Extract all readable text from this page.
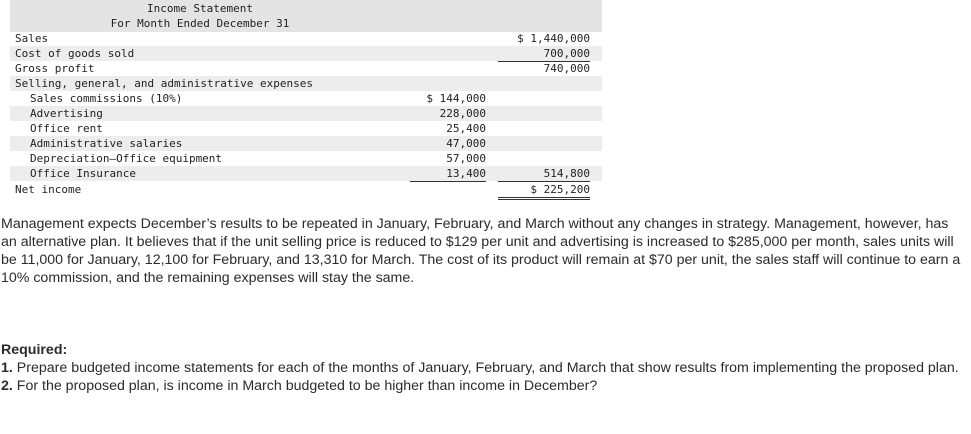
Income Statement
For Month Ended December 31
Sales	$ 1,440,000
Cost of goods sold	700,000
Gross profit	740,000
Selling, general, and administrative expenses
Sales commissions (10%)	$ 144,000
Advertising	228,000
Office rent	25,400
Administrative salaries	47,000
Depreciation—Office equipment	57,000
Office Insurance	13,400	514,800
Net income	$ 225,200

Management expects December’s results to be repeated in January, February, and March without any changes in strategy. Management, however, has an alternative plan. It believes that if the unit selling price is reduced to $129 per unit and advertising is increased to $285,000 per month, sales units will be 11,000 for January, 12,100 for February, and 13,310 for March. The cost of its product will remain at $70 per unit, the sales staff will continue to earn a 10% commission, and the remaining expenses will stay the same.

Required:

1. Prepare budgeted income statements for each of the months of January, February, and March that show results from implementing the proposed plan.

2. For the proposed plan, is income in March budgeted to be higher than income in December?
